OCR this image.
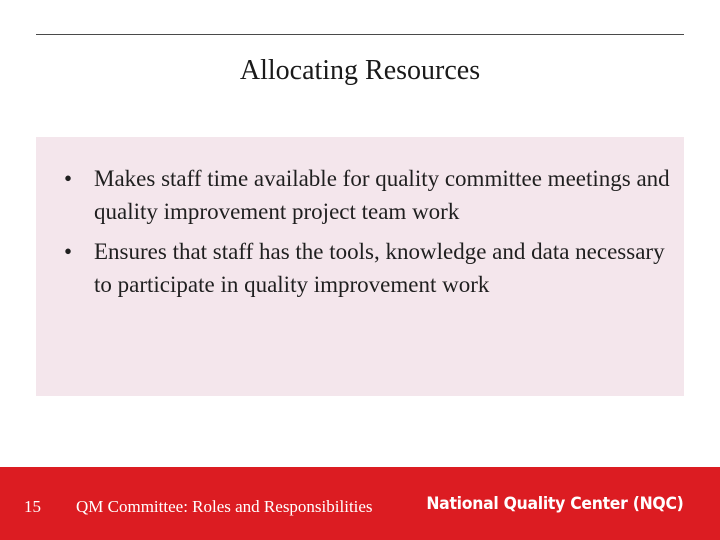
Allocating Resources
• Makes staff time available for quality committee meetings and quality improvement project team work
• Ensures that staff has the tools, knowledge and data necessary to participate in quality improvement work
15 QM Committee: Roles and Responsibilities	National Quality Center (NQC)
